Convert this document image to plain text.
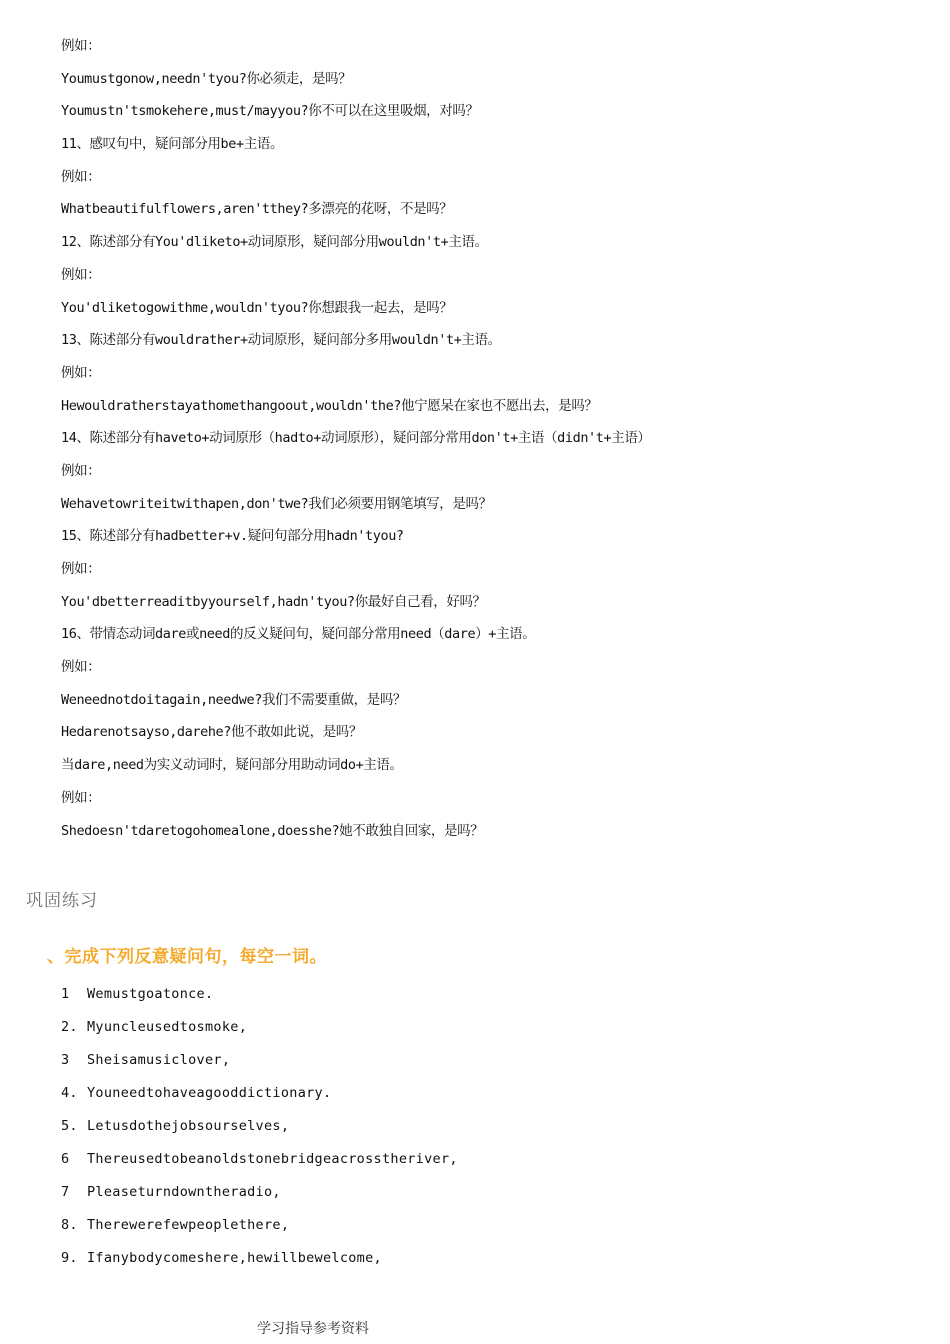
例如：
Youmustgonow,needn'tyou?你必须走，是吗？
Youmustn'tsmokehere,must/mayyou?你不可以在这里吸烟，对吗？
11、感叹句中，疑问部分用be+主语。
例如：
Whatbeautifulflowers,aren'tthey?多漂亮的花呀，不是吗？
12、陈述部分有You'dliketo+动词原形，疑问部分用wouldn't+主语。
例如：
You'dliketogowithme,wouldn'tyou?你想跟我一起去，是吗？
13、陈述部分有wouldrather+动词原形，疑问部分多用wouldn't+主语。
例如：
Hewouldratherstayathomethangoout,wouldn'the?他宁愿呆在家也不愿出去，是吗？
14、陈述部分有haveto+动词原形（hadto+动词原形），疑问部分常用don't+主语（didn't+主语）
例如：
Wehavetowriteitwithapen,don'twe?我们必须要用钢笔填写，是吗？
15、陈述部分有hadbetter+v.疑问句部分用hadn'tyou?
例如：
You'dbetterreaditbyyourself,hadn'tyou?你最好自己看，好吗？
16、带情态动词dare或need的反义疑问句，疑问部分常用need（dare）+主语。
例如：
Weneednotdoitagain,needwe?我们不需要重做，是吗？
Hedarenotsayso,darehe?他不敢如此说，是吗？
当dare,need为实义动词时，疑问部分用助动词do+主语。
例如：
Shedoesn'tdaretogohomealone,doesshe?她不敢独自回家，是吗？
巩固练习
、完成下列反意疑问句，每空一词。
1 Wemustgoatonce.
2. Myuncleusedtosmoke,
3 Sheisamusiclover,
4. Youneedtohaveagooddictionary.
5. Letusdothejobsourselves,
6 Thereusedtobeanoldstonebridgeacrosstheriver,
7 Pleaseturndowntheradio,
8. Therewerefewpeoplethere,
9. Ifanybodycomeshere,hewillbewelcome,
学习指导参考资料
